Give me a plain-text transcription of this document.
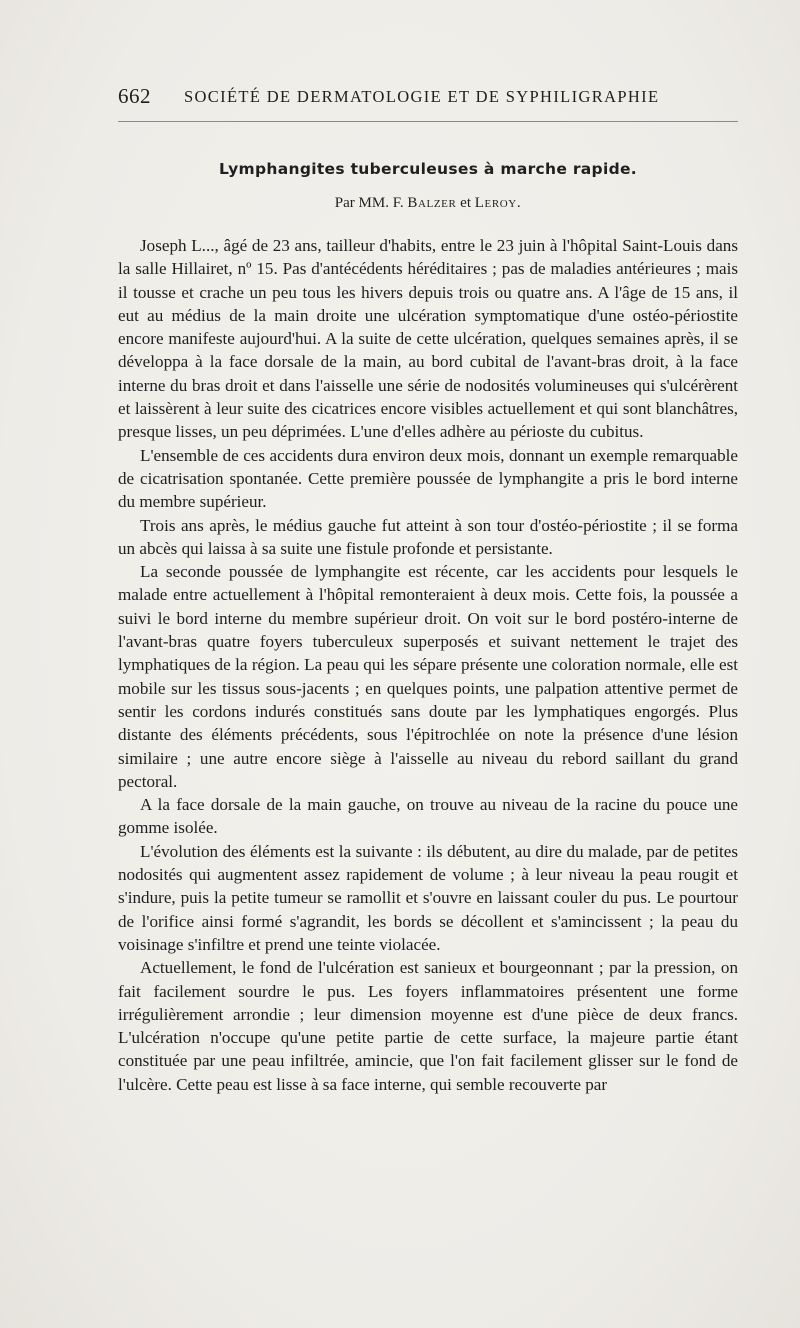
662 SOCIÉTÉ DE DERMATOLOGIE ET DE SYPHILIGRAPHIE
Lymphangites tuberculeuses à marche rapide.
Par MM. F. Balzer et Leroy.

Joseph L..., âgé de 23 ans, tailleur d'habits, entre le 23 juin à l'hôpital Saint-Louis dans la salle Hillairet, nº 15. Pas d'antécédents héréditaires ; pas de maladies antérieures ; mais il tousse et crache un peu tous les hivers depuis trois ou quatre ans. A l'âge de 15 ans, il eut au médius de la main droite une ulcération symptomatique d'une ostéo-périostite encore manifeste aujourd'hui. A la suite de cette ulcération, quelques semaines après, il se développa à la face dorsale de la main, au bord cubital de l'avant-bras droit, à la face interne du bras droit et dans l'aisselle une série de nodosités volumineuses qui s'ulcérèrent et laissèrent à leur suite des cicatrices encore visibles actuellement et qui sont blanchâtres, presque lisses, un peu déprimées. L'une d'elles adhère au périoste du cubitus.

L'ensemble de ces accidents dura environ deux mois, donnant un exemple remarquable de cicatrisation spontanée. Cette première poussée de lymphangite a pris le bord interne du membre supérieur.

Trois ans après, le médius gauche fut atteint à son tour d'ostéo-périostite ; il se forma un abcès qui laissa à sa suite une fistule profonde et persistante.

La seconde poussée de lymphangite est récente, car les accidents pour lesquels le malade entre actuellement à l'hôpital remonteraient à deux mois. Cette fois, la poussée a suivi le bord interne du membre supérieur droit. On voit sur le bord postéro-interne de l'avant-bras quatre foyers tuberculeux superposés et suivant nettement le trajet des lymphatiques de la région. La peau qui les sépare présente une coloration normale, elle est mobile sur les tissus sous-jacents ; en quelques points, une palpation attentive permet de sentir les cordons indurés constitués sans doute par les lymphatiques engorgés. Plus distante des éléments précédents, sous l'épitrochlée on note la présence d'une lésion similaire ; une autre encore siège à l'aisselle au niveau du rebord saillant du grand pectoral.

A la face dorsale de la main gauche, on trouve au niveau de la racine du pouce une gomme isolée.

L'évolution des éléments est la suivante : ils débutent, au dire du malade, par de petites nodosités qui augmentent assez rapidement de volume ; à leur niveau la peau rougit et s'indure, puis la petite tumeur se ramollit et s'ouvre en laissant couler du pus. Le pourtour de l'orifice ainsi formé s'agrandit, les bords se décollent et s'amincissent ; la peau du voisinage s'infiltre et prend une teinte violacée.

Actuellement, le fond de l'ulcération est sanieux et bourgeonnant ; par la pression, on fait facilement sourdre le pus. Les foyers inflammatoires présentent une forme irrégulièrement arrondie ; leur dimension moyenne est d'une pièce de deux francs. L'ulcération n'occupe qu'une petite partie de cette surface, la majeure partie étant constituée par une peau infiltrée, amincie, que l'on fait facilement glisser sur le fond de l'ulcère. Cette peau est lisse à sa face interne, qui semble recouverte par
